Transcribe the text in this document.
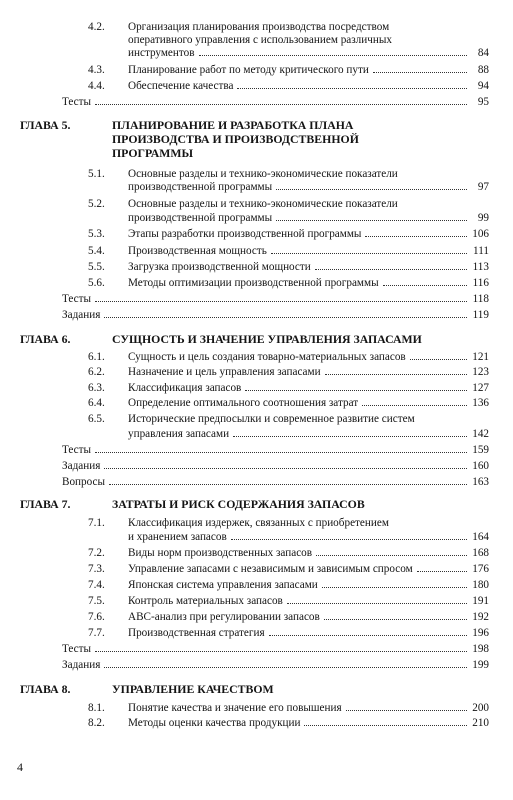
4.2. Организация планирования производства посредством
оперативного управления с использованием различных
инструментов	84
4.3.	Планирование работ по методу критического пути	88
4.4.	Обеспечение качества	94
Тесты	95
ГЛАВА 5.	ПЛАНИРОВАНИЕ И РАЗРАБОТКА ПЛАНА
ПРОИЗВОДСТВА И ПРОИЗВОДСТВЕННОЙ
ПРОГРАММЫ
5.1. Основные разделы и технико-экономические показатели
производственной программы	97
5.2. Основные разделы и технико-экономические показатели
производственной программы	99
5.3.	Этапы разработки производственной программы	106
5.4.	Производственная мощность	111
5.5.	Загрузка производственной мощности	113
5.6.	Методы оптимизации производственной программы	116
Тесты	118
Задания	119
ГЛАВА 6.	СУЩНОСТЬ И ЗНАЧЕНИЕ УПРАВЛЕНИЯ ЗАПАСАМИ
6.1.	Сущность и цель создания товарно-материальных запасов	121
6.2.	Назначение и цель управления запасами	123
6.3.	Классификация запасов	127
6.4.	Определение оптимального соотношения затрат	136
6.5. Исторические предпосылки и современное развитие систем
управления запасами	142
Тесты	159
Задания	160
Вопросы	163
ГЛАВА 7.	ЗАТРАТЫ И РИСК СОДЕРЖАНИЯ ЗАПАСОВ
7.1. Классификация издержек, связанных с приобретением
и хранением запасов	164
7.2.	Виды норм производственных запасов	168
7.3.	Управление запасами с независимым и зависимым спросом	176
7.4.	Японская система управления запасами	180
7.5.	Контроль материальных запасов	191
7.6.	АВС-анализ при регулировании запасов	192
7.7.	Производственная стратегия	196
Тесты	198
Задания	199
ГЛАВА 8.	УПРАВЛЕНИЕ КАЧЕСТВОМ
8.1.	Понятие качества и значение его повышения	200
8.2.	Методы оценки качества продукции	210
4
